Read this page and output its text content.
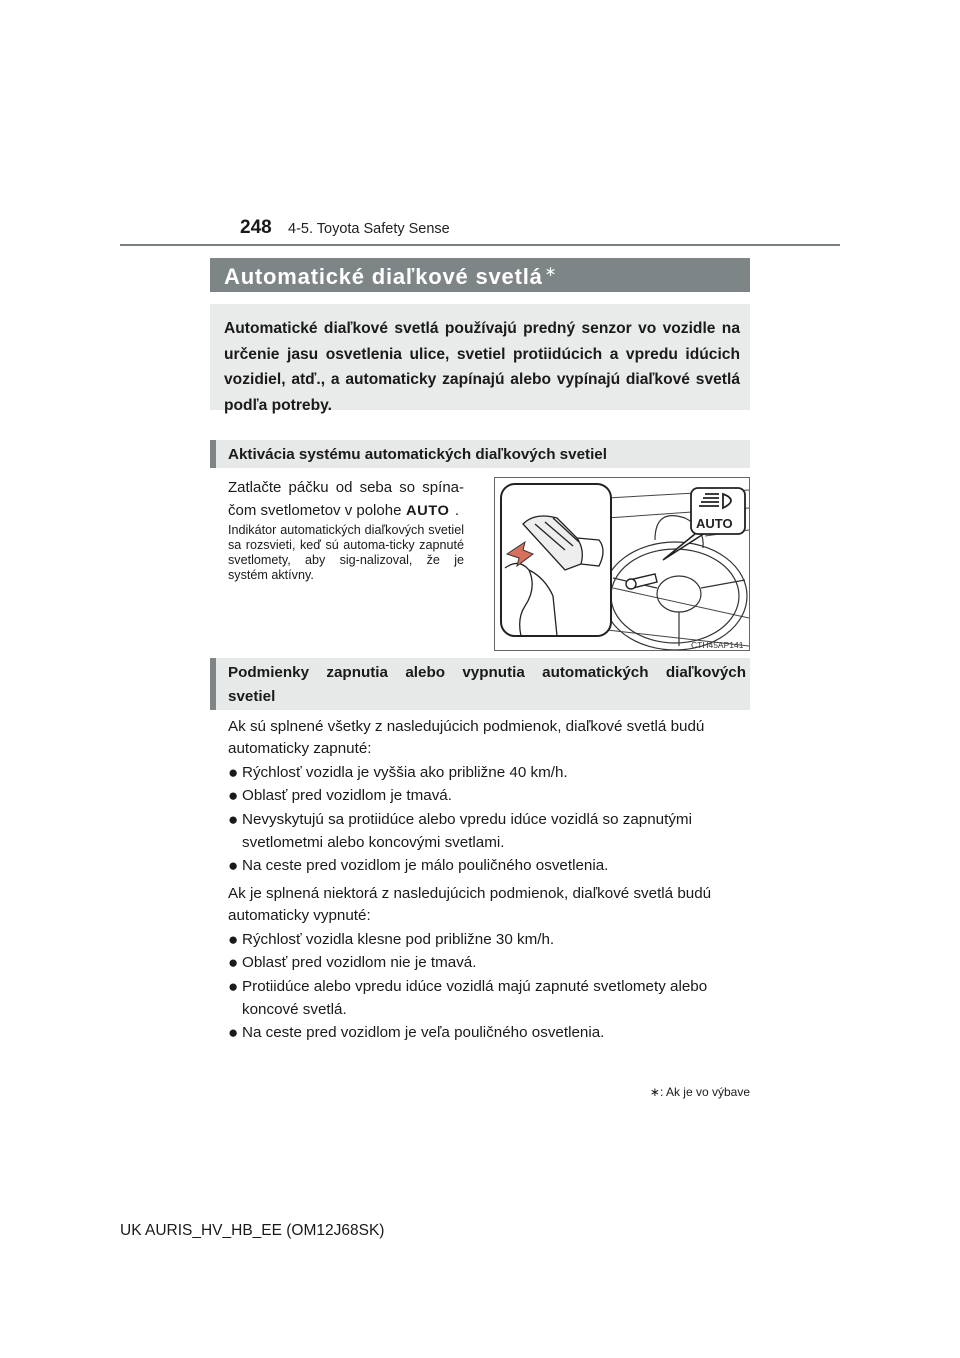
248 4-5. Toyota Safety Sense
Automatické diaľkové svetlá ∗
Automatické diaľkové svetlá používajú predný senzor vo vozidle na určenie jasu osvetlenia ulice, svetiel protiidúcich a vpredu idúcich vozidiel, atď., a automaticky zapínajú alebo vypínajú diaľkové svetlá podľa potreby.
Aktivácia systému automatických diaľkových svetiel
Zatlačte páčku od seba so spína-čom svetlometov v polohe AUTO .
Indikátor automatických diaľkových svetiel sa rozsvieti, keď sú automa-ticky zapnuté svetlomety, aby sig-nalizoval, že je systém aktívny.
AUTO
CTH45AP141
Podmienky zapnutia alebo vypnutia automatických diaľkových
svetiel
Ak sú splnené všetky z nasledujúcich podmienok, diaľkové svetlá budú automaticky zapnuté:
● Rýchlosť vozidla je vyššia ako približne 40 km/h.
● Oblasť pred vozidlom je tmavá.
● Nevyskytujú sa protiidúce alebo vpredu idúce vozidlá so zapnutými svetlometmi alebo koncovými svetlami.
● Na ceste pred vozidlom je málo pouličného osvetlenia.
Ak je splnená niektorá z nasledujúcich podmienok, diaľkové svetlá budú automaticky vypnuté:
● Rýchlosť vozidla klesne pod približne 30 km/h.
● Oblasť pred vozidlom nie je tmavá.
● Protiidúce alebo vpredu idúce vozidlá majú zapnuté svetlomety alebo koncové svetlá.
● Na ceste pred vozidlom je veľa pouličného osvetlenia.
∗: Ak je vo výbave
UK AURIS_HV_HB_EE (OM12J68SK)
